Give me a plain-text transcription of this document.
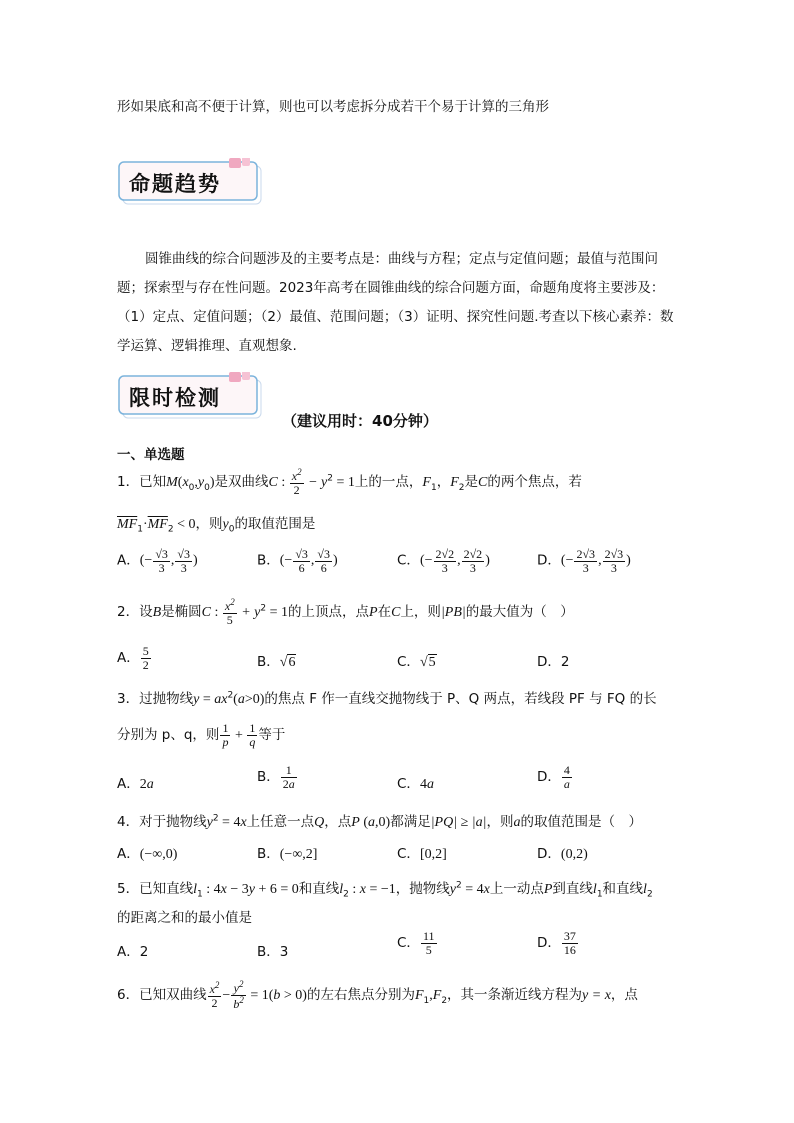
形如果底和高不便于计算，则也可以考虑拆分成若干个易于计算的三角形
命题趋势
圆锥曲线的综合问题涉及的主要考点是：曲线与方程；定点与定值问题；最值与范围问题；探索型与存在性问题。2023年高考在圆锥曲线的综合问题方面，命题角度将主要涉及：（1）定点、定值问题；（2）最值、范围问题；（3）证明、探究性问题.考查以下核心素养：数学运算、逻辑推理、直观想象.
限时检测
（建议用时：40分钟）
一、单选题
1．已知$M(x_0,y_0)$是双曲线C : $\frac{x^2}{2} - y^2 = 1$上的一点，$F_1$，$F_2$是C的两个焦点，若
$\overline{MF}_1\cdot\overline{MF}_2 < 0$，则$y_0$的取值范围是
A．(− $\frac{√3}{3}$ , $\frac{√3}{3}$ )	B．(− $\frac{√3}{6}$ , $\frac{√3}{6}$ )	C．(− $\frac{2√2}{3}$ , $\frac{2√2}{3}$ )	D．(− $\frac{2√3}{3}$ , $\frac{2√3}{3}$ )
2．设B是椭圆C : $\frac{x^2}{5} + y^2 = 1$的上顶点，点P在C上，则|PB|的最大值为（　）
A． $\frac{5}{2}$	B．√6	C．√5	D．2
3．过抛物线$y = ax^2(a>0)$的焦点 F 作一直线交抛物线于 P、Q 两点，若线段 PF 与 FQ 的长
分别为 p、q，则 $\frac{1}{p} + \frac{1}{q}$ 等于
A．2a	B． $\frac{1}{2a}$	C．4a	D． $\frac{4}{a}$
4．对于抛物线$y^2 = 4x$上任意一点Q，点P (a,0)都满足|PQ| ≥ |a|，则a的取值范围是（　）
A．(−∞,0)	B．(−∞,2]	C．[0,2]	D．(0,2)
5．已知直线$l_1$ : 4x − 3y + 6 = 0和直线$l_2$ : x = −1，抛物线$y^2 = 4x$上一动点P到直线$l_1$和直线$l_2$
的距离之和的最小值是
A．2	B．3
C． $\frac{11}{5}$	D． $\frac{37}{16}$
6．已知双曲线 $\frac{x^2}{2} - \frac{y^2}{b^2} = 1(b > 0)$的左右焦点分别为$F_1,F_2$，其一条渐近线方程为y = x，点
